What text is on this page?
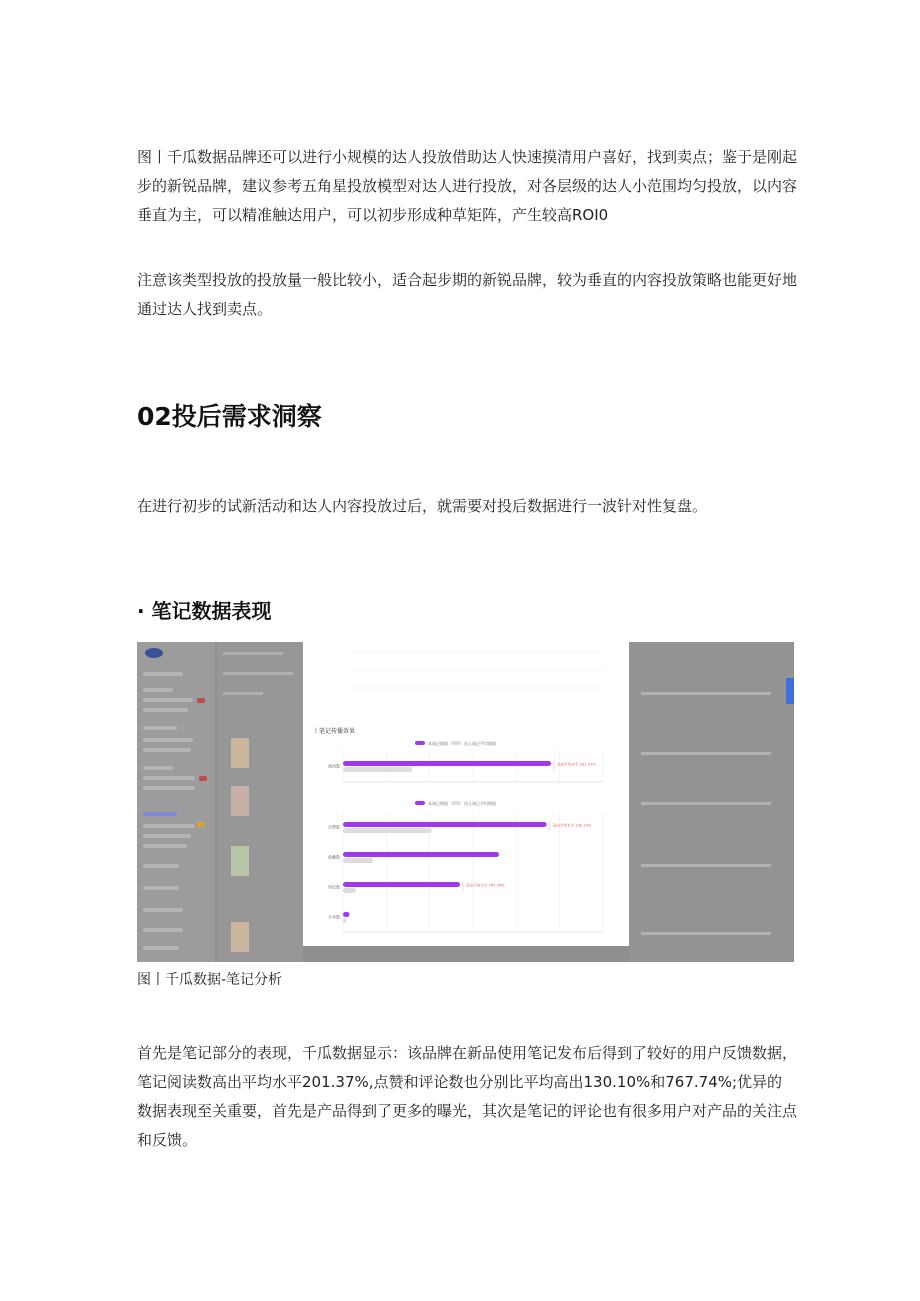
图丨千瓜数据品牌还可以进行小规模的达人投放借助达人快速摸清用户喜好，找到卖点；鉴于是刚起步的新锐品牌，建议参考五角星投放模型对达人进行投放，对各层级的达人小范围均匀投放，以内容垂直为主，可以精准触达用户，可以初步形成种草矩阵，产生较高ROI0

注意该类型投放的投放量一般比较小，适合起步期的新锐品牌，较为垂直的内容投放策略也能更好地通过达人找到卖点。

02投后需求洞察

在进行初步的试新活动和达人内容投放过后，就需要对投后数据进行一波针对性复盘。

· 笔记数据表现
丨笔记传播效果
本笔记数据	达人笔记平均数据
阅读数	高出平均水平 201.37%
本笔记数据	达人笔记平均数据
点赞数	高出平均水平 130.10%
收藏数
评论数	高出平均水平 767.74%
分享数

图丨千瓜数据-笔记分析

首先是笔记部分的表现，千瓜数据显示：该品牌在新品使用笔记发布后得到了较好的用户反馈数据，笔记阅读数高出平均水平201.37%,点赞和评论数也分别比平均高出130.10%和767.74%;优异的数据表现至关重要，首先是产品得到了更多的曝光，其次是笔记的评论也有很多用户对产品的关注点和反馈。
